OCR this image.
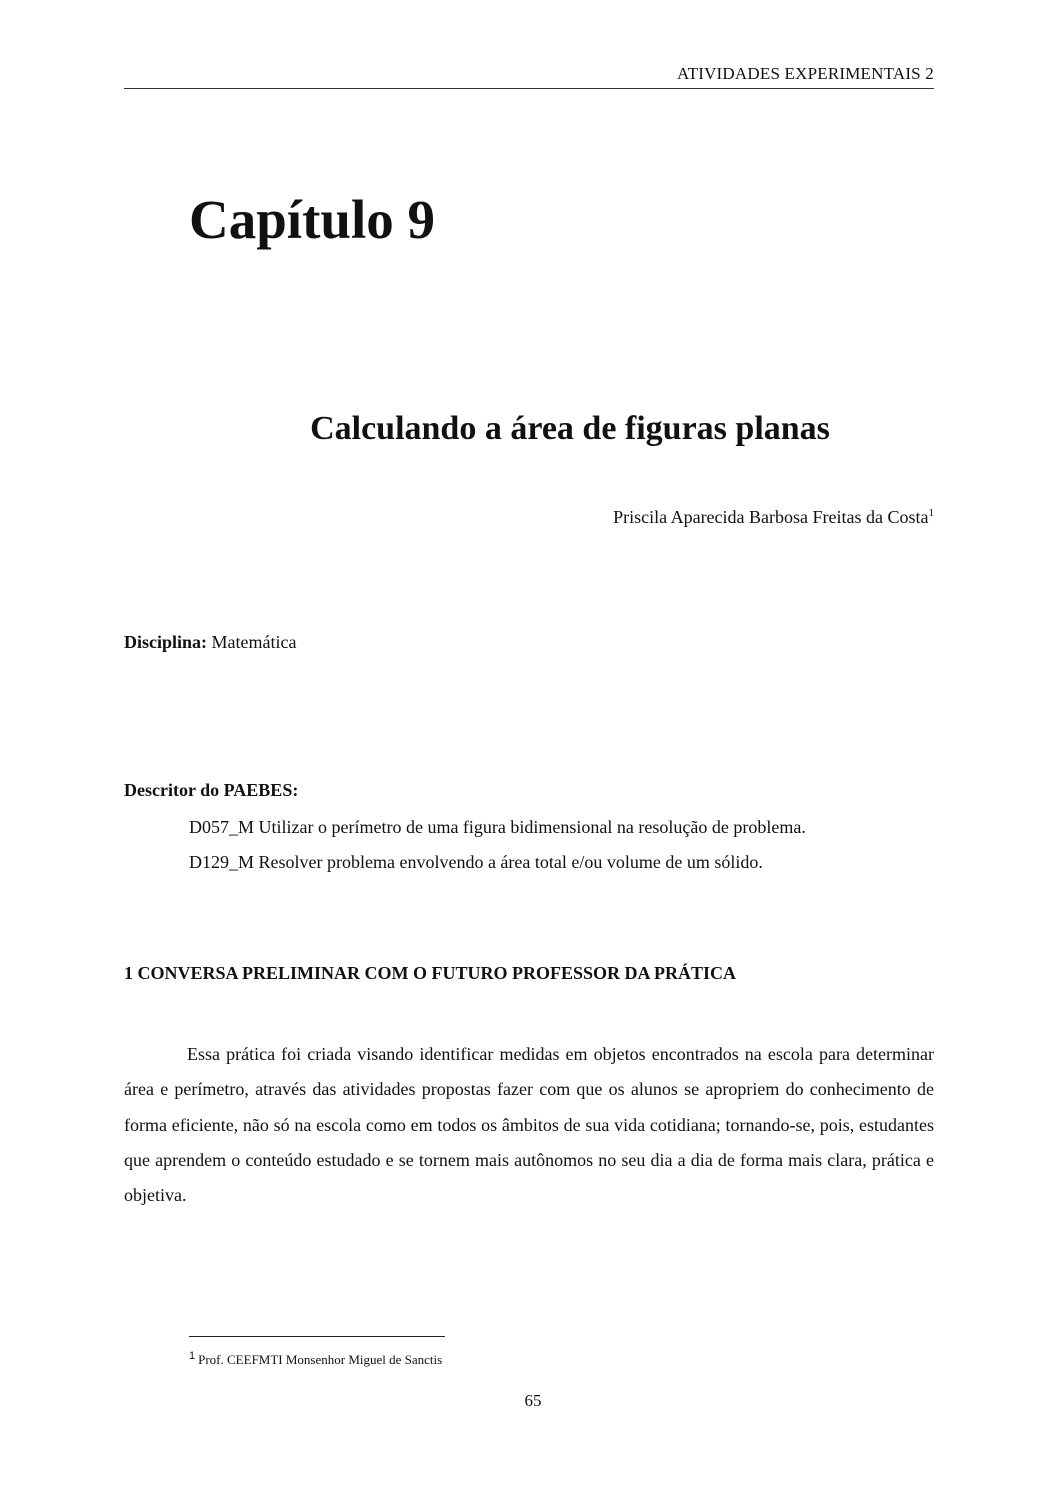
ATIVIDADES EXPERIMENTAIS 2
Capítulo 9
Calculando a área de figuras planas
Priscila Aparecida Barbosa Freitas da Costa$^1$
Disciplina: Matemática
Descritor do PAEBES:
D057_M Utilizar o perímetro de uma figura bidimensional na resolução de problema.
D129_M Resolver problema envolvendo a área total e/ou volume de um sólido.
1 CONVERSA PRELIMINAR COM O FUTURO PROFESSOR DA PRÁTICA

Essa prática foi criada visando identificar medidas em objetos encontrados na escola para determinar área e perímetro, através das atividades propostas fazer com que os alunos se apropriem do conhecimento de forma eficiente, não só na escola como em todos os âmbitos de sua vida cotidiana; tornando-se, pois, estudantes que aprendem o conteúdo estudado e se tornem mais autônomos no seu dia a dia de forma mais clara, prática e objetiva.

$^1$ Prof. CEEFMTI Monsenhor Miguel de Sanctis
65
